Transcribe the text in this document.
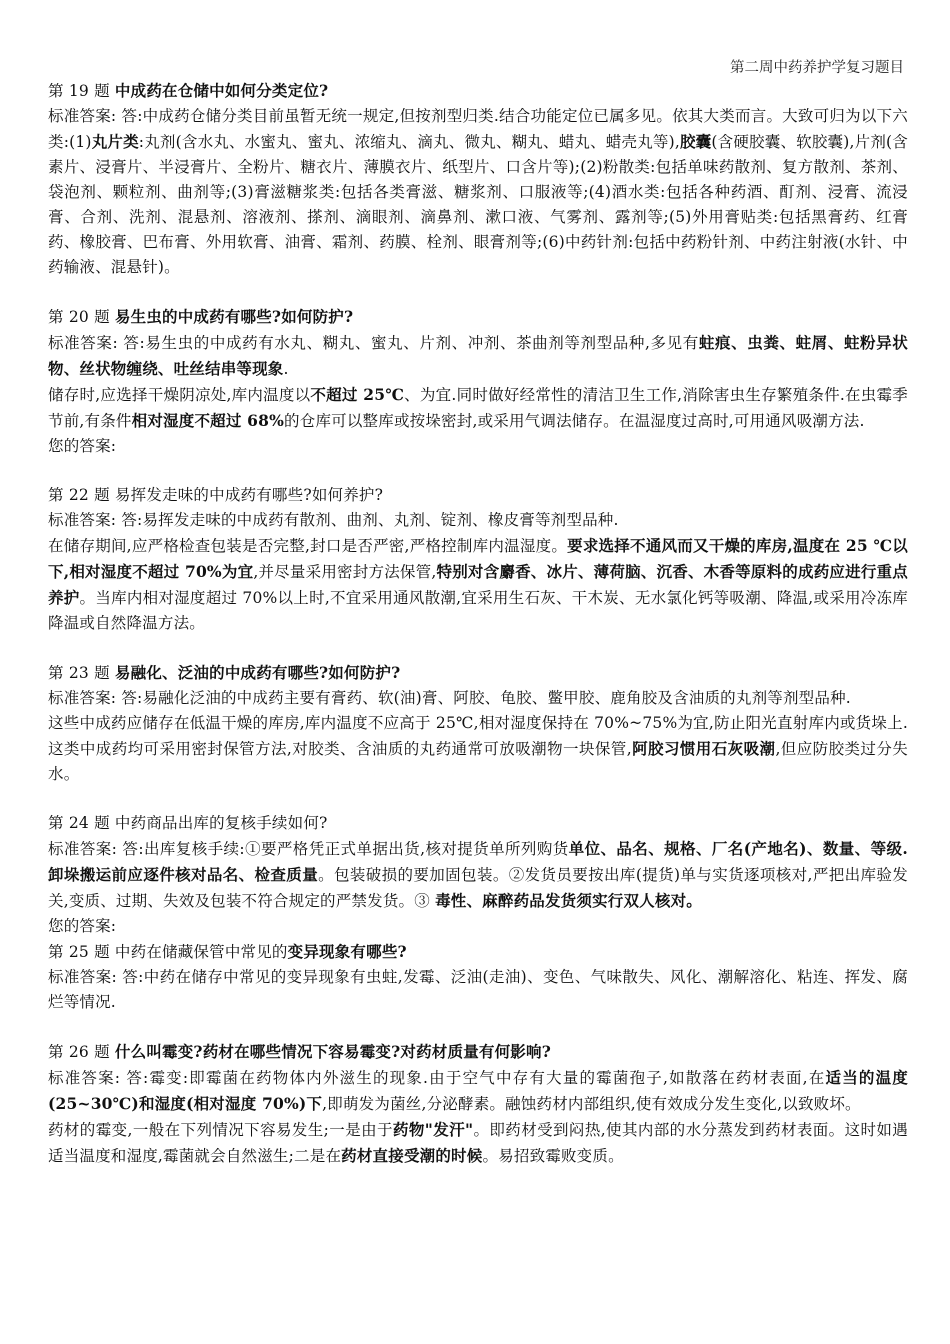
第二周中药养护学复习题目

第 19 题 中成药在仓储中如何分类定位?

标准答案: 答:中成药仓储分类目前虽暂无统一规定,但按剂型归类.结合功能定位已属多见。依其大类而言。大致可归为以下六类:(1)丸片类:丸剂(含水丸、水蜜丸、蜜丸、浓缩丸、滴丸、微丸、糊丸、蜡丸、蜡壳丸等),胶囊(含硬胶囊、软胶囊),片剂(含素片、浸膏片、半浸膏片、全粉片、糖衣片、薄膜衣片、纸型片、口含片等);(2)粉散类:包括单味药散剂、复方散剂、茶剂、袋泡剂、颗粒剂、曲剂等;(3)膏滋糖浆类:包括各类膏滋、糖浆剂、口服液等;(4)酒水类:包括各种药酒、酊剂、浸膏、流浸膏、合剂、洗剂、混悬剂、溶液剂、搽剂、滴眼剂、滴鼻剂、漱口液、气雾剂、露剂等;(5)外用膏贴类:包括黑膏药、红膏药、橡胶膏、巴布膏、外用软膏、油膏、霜剂、药膜、栓剂、眼膏剂等;(6)中药针剂:包括中药粉针剂、中药注射液(水针、中药输液、混悬针)。

第 20 题 易生虫的中成药有哪些?如何防护?

标准答案: 答:易生虫的中成药有水丸、糊丸、蜜丸、片剂、冲剂、茶曲剂等剂型品种,多见有蛀痕、虫粪、蛀屑、蛀粉异状物、丝状物缠绕、吐丝结串等现象.

储存时,应选择干燥阴凉处,库内温度以不超过 25℃、为宜.同时做好经常性的清洁卫生工作,消除害虫生存繁殖条件.在虫霉季节前,有条件相对湿度不超过 68%的仓库可以整库或按垛密封,或采用气调法储存。在温湿度过高时,可用通风吸潮方法.

您的答案:

第 22 题 易挥发走味的中成药有哪些?如何养护?

标准答案: 答:易挥发走味的中成药有散剂、曲剂、丸剂、锭剂、橡皮膏等剂型品种.

在储存期间,应严格检查包装是否完整,封口是否严密,严格控制库内温湿度。要求选择不通风而又干燥的库房,温度在 25 ℃以下,相对湿度不超过 70%为宜,并尽量采用密封方法保管,特别对含麝香、冰片、薄荷脑、沉香、木香等原料的成药应进行重点养护。当库内相对湿度超过 70%以上时,不宜采用通风散潮,宜采用生石灰、干木炭、无水氯化钙等吸潮、降温,或采用冷冻库降温或自然降温方法。

第 23 题 易融化、泛油的中成药有哪些?如何防护?

标准答案: 答:易融化泛油的中成药主要有膏药、软(油)膏、阿胶、龟胶、鳖甲胶、鹿角胶及含油质的丸剂等剂型品种.

这些中成药应储存在低温干燥的库房,库内温度不应高于 25℃,相对湿度保持在 70%~75%为宜,防止阳光直射库内或货垛上.这类中成药均可采用密封保管方法,对胶类、含油质的丸药通常可放吸潮物一块保管,阿胶习惯用石灰吸潮,但应防胶类过分失水。

第 24 题 中药商品出库的复核手续如何?

标准答案: 答:出库复核手续:①要严格凭正式单据出货,核对提货单所列购货单位、品名、规格、厂名(产地名)、数量、等级.卸垛搬运前应逐件核对品名、检查质量。包装破损的要加固包装。②发货员要按出库(提货)单与实货逐项核对,严把出库验发关,变质、过期、失效及包装不符合规定的严禁发货。③ 毒性、麻醉药品发货须实行双人核对。

您的答案:

第 25 题 中药在储藏保管中常见的变异现象有哪些?

标准答案: 答:中药在储存中常见的变异现象有虫蛀,发霉、泛油(走油)、变色、气味散失、风化、潮解溶化、粘连、挥发、腐烂等情况.

第 26 题 什么叫霉变?药材在哪些情况下容易霉变?对药材质量有何影响?

标准答案: 答:霉变:即霉菌在药物体内外滋生的现象.由于空气中存有大量的霉菌孢子,如散落在药材表面,在适当的温度(25~30℃)和湿度(相对湿度 70%)下,即萌发为菌丝,分泌酵素。融蚀药材内部组织,使有效成分发生变化,以致败坏。

药材的霉变,一般在下列情况下容易发生;一是由于药物"发汗"。即药材受到闷热,使其内部的水分蒸发到药材表面。这时如遇适当温度和湿度,霉菌就会自然滋生;二是在药材直接受潮的时候。易招致霉败变质。
